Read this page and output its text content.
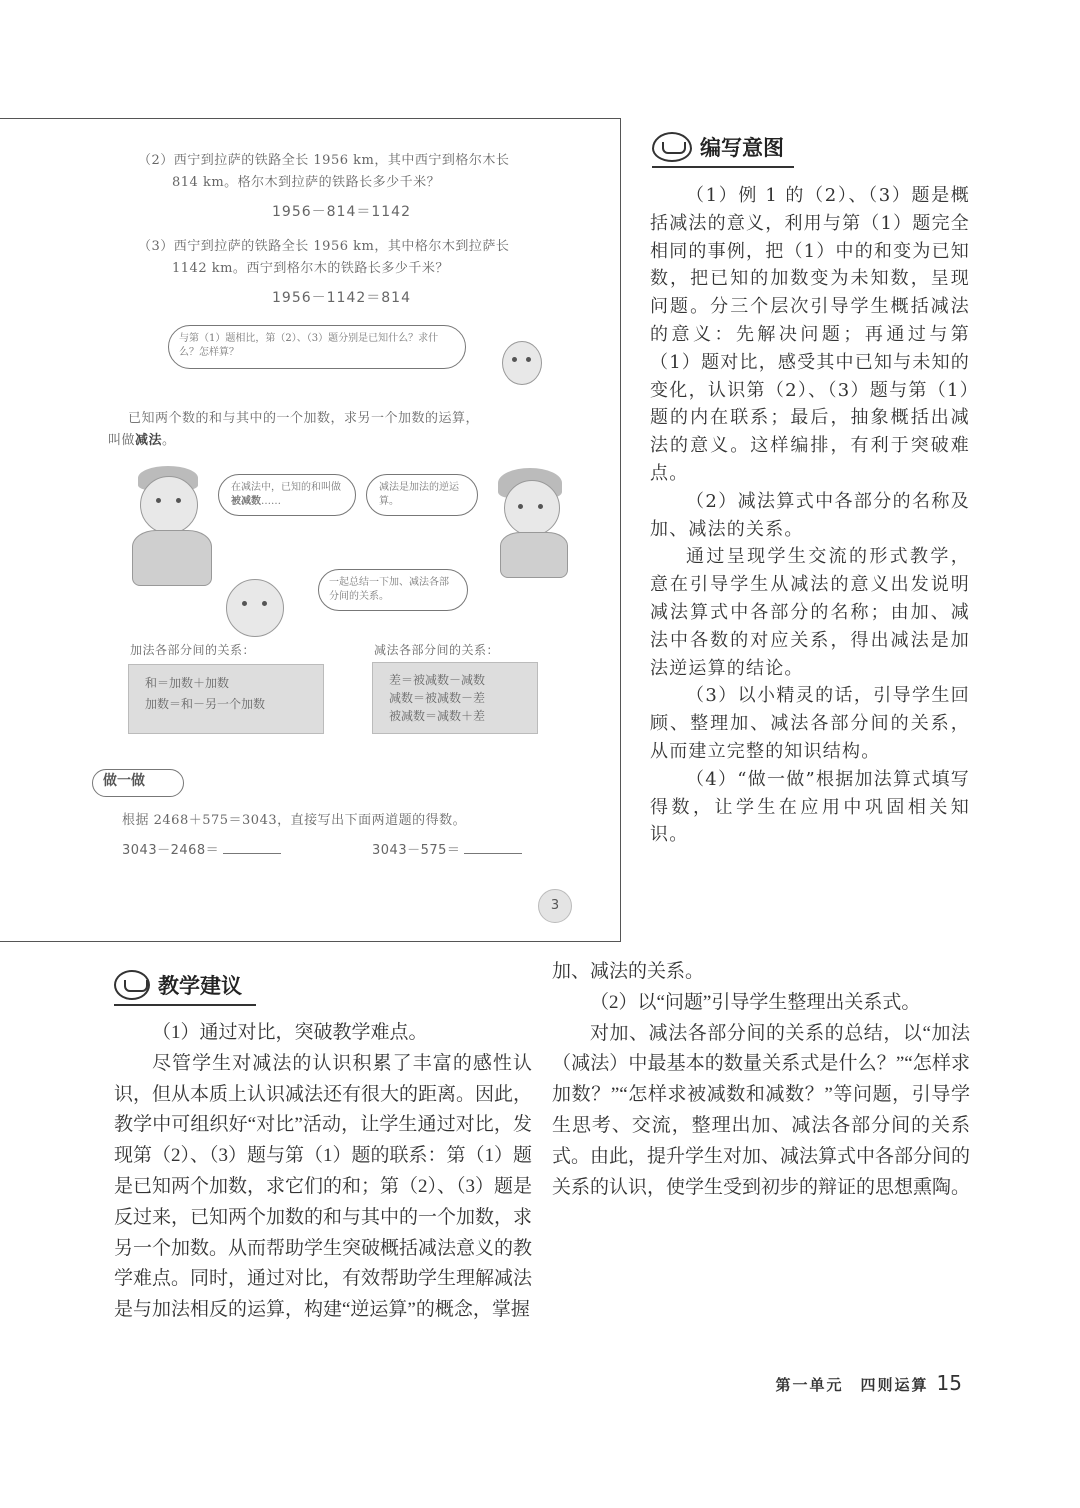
（2）西宁到拉萨的铁路全长 1956 km，其中西宁到格尔木长
814 km。格尔木到拉萨的铁路长多少千米？
1956－814＝1142
（3）西宁到拉萨的铁路全长 1956 km，其中格尔木到拉萨长
1142 km。西宁到格尔木的铁路长多少千米？
1956－1142＝814
与第（1）题相比，第（2）、（3）题分别是已知什么？求什么？怎样算？
已知两个数的和与其中的一个加数，求另一个加数的运算，
叫做减法。
在减法中，已知的和叫做被减数……
减法是加法的逆运算。
一起总结一下加、减法各部分间的关系。
加法各部分间的关系：
和＝加数＋加数
加数＝和－另一个加数
减法各部分间的关系：
差＝被减数－减数
减数＝被减数－差
被减数＝减数＋差
做一做
根据 2468＋575＝3043，直接写出下面两道题的得数。
3043－2468＝	3043－575＝
3
编写意图

（1）例 1 的（2）、（3）题是概括减法的意义，利用与第（1）题完全相同的事例，把（1）中的和变为已知数，把已知的加数变为未知数，呈现问题。分三个层次引导学生概括减法的意义：先解决问题；再通过与第（1）题对比，感受其中已知与未知的变化，认识第（2）、（3）题与第（1）题的内在联系；最后，抽象概括出减法的意义。这样编排，有利于突破难点。

（2）减法算式中各部分的名称及加、减法的关系。

通过呈现学生交流的形式教学，意在引导学生从减法的意义出发说明减法算式中各部分的名称；由加、减法中各数的对应关系，得出减法是加法逆运算的结论。

（3）以小精灵的话，引导学生回顾、整理加、减法各部分间的关系，从而建立完整的知识结构。

（4）“做一做”根据加法算式填写得数，让学生在应用中巩固相关知识。

教学建议

（1）通过对比，突破教学难点。

尽管学生对减法的认识积累了丰富的感性认识，但从本质上认识减法还有很大的距离。因此，教学中可组织好“对比”活动，让学生通过对比，发现第（2）、（3）题与第（1）题的联系：第（1）题是已知两个加数，求它们的和；第（2）、（3）题是反过来，已知两个加数的和与其中的一个加数，求另一个加数。从而帮助学生突破概括减法意义的教学难点。同时，通过对比，有效帮助学生理解减法是与加法相反的运算，构建“逆运算”的概念，掌握

加、减法的关系。

（2）以“问题”引导学生整理出关系式。

对加、减法各部分间的关系的总结，以“加法（减法）中最基本的数量关系式是什么？”“怎样求加数？”“怎样求被减数和减数？”等问题，引导学生思考、交流，整理出加、减法各部分间的关系式。由此，提升学生对加、减法算式中各部分间的关系的认识，使学生受到初步的辩证的思想熏陶。

第一单元　四则运算 15
